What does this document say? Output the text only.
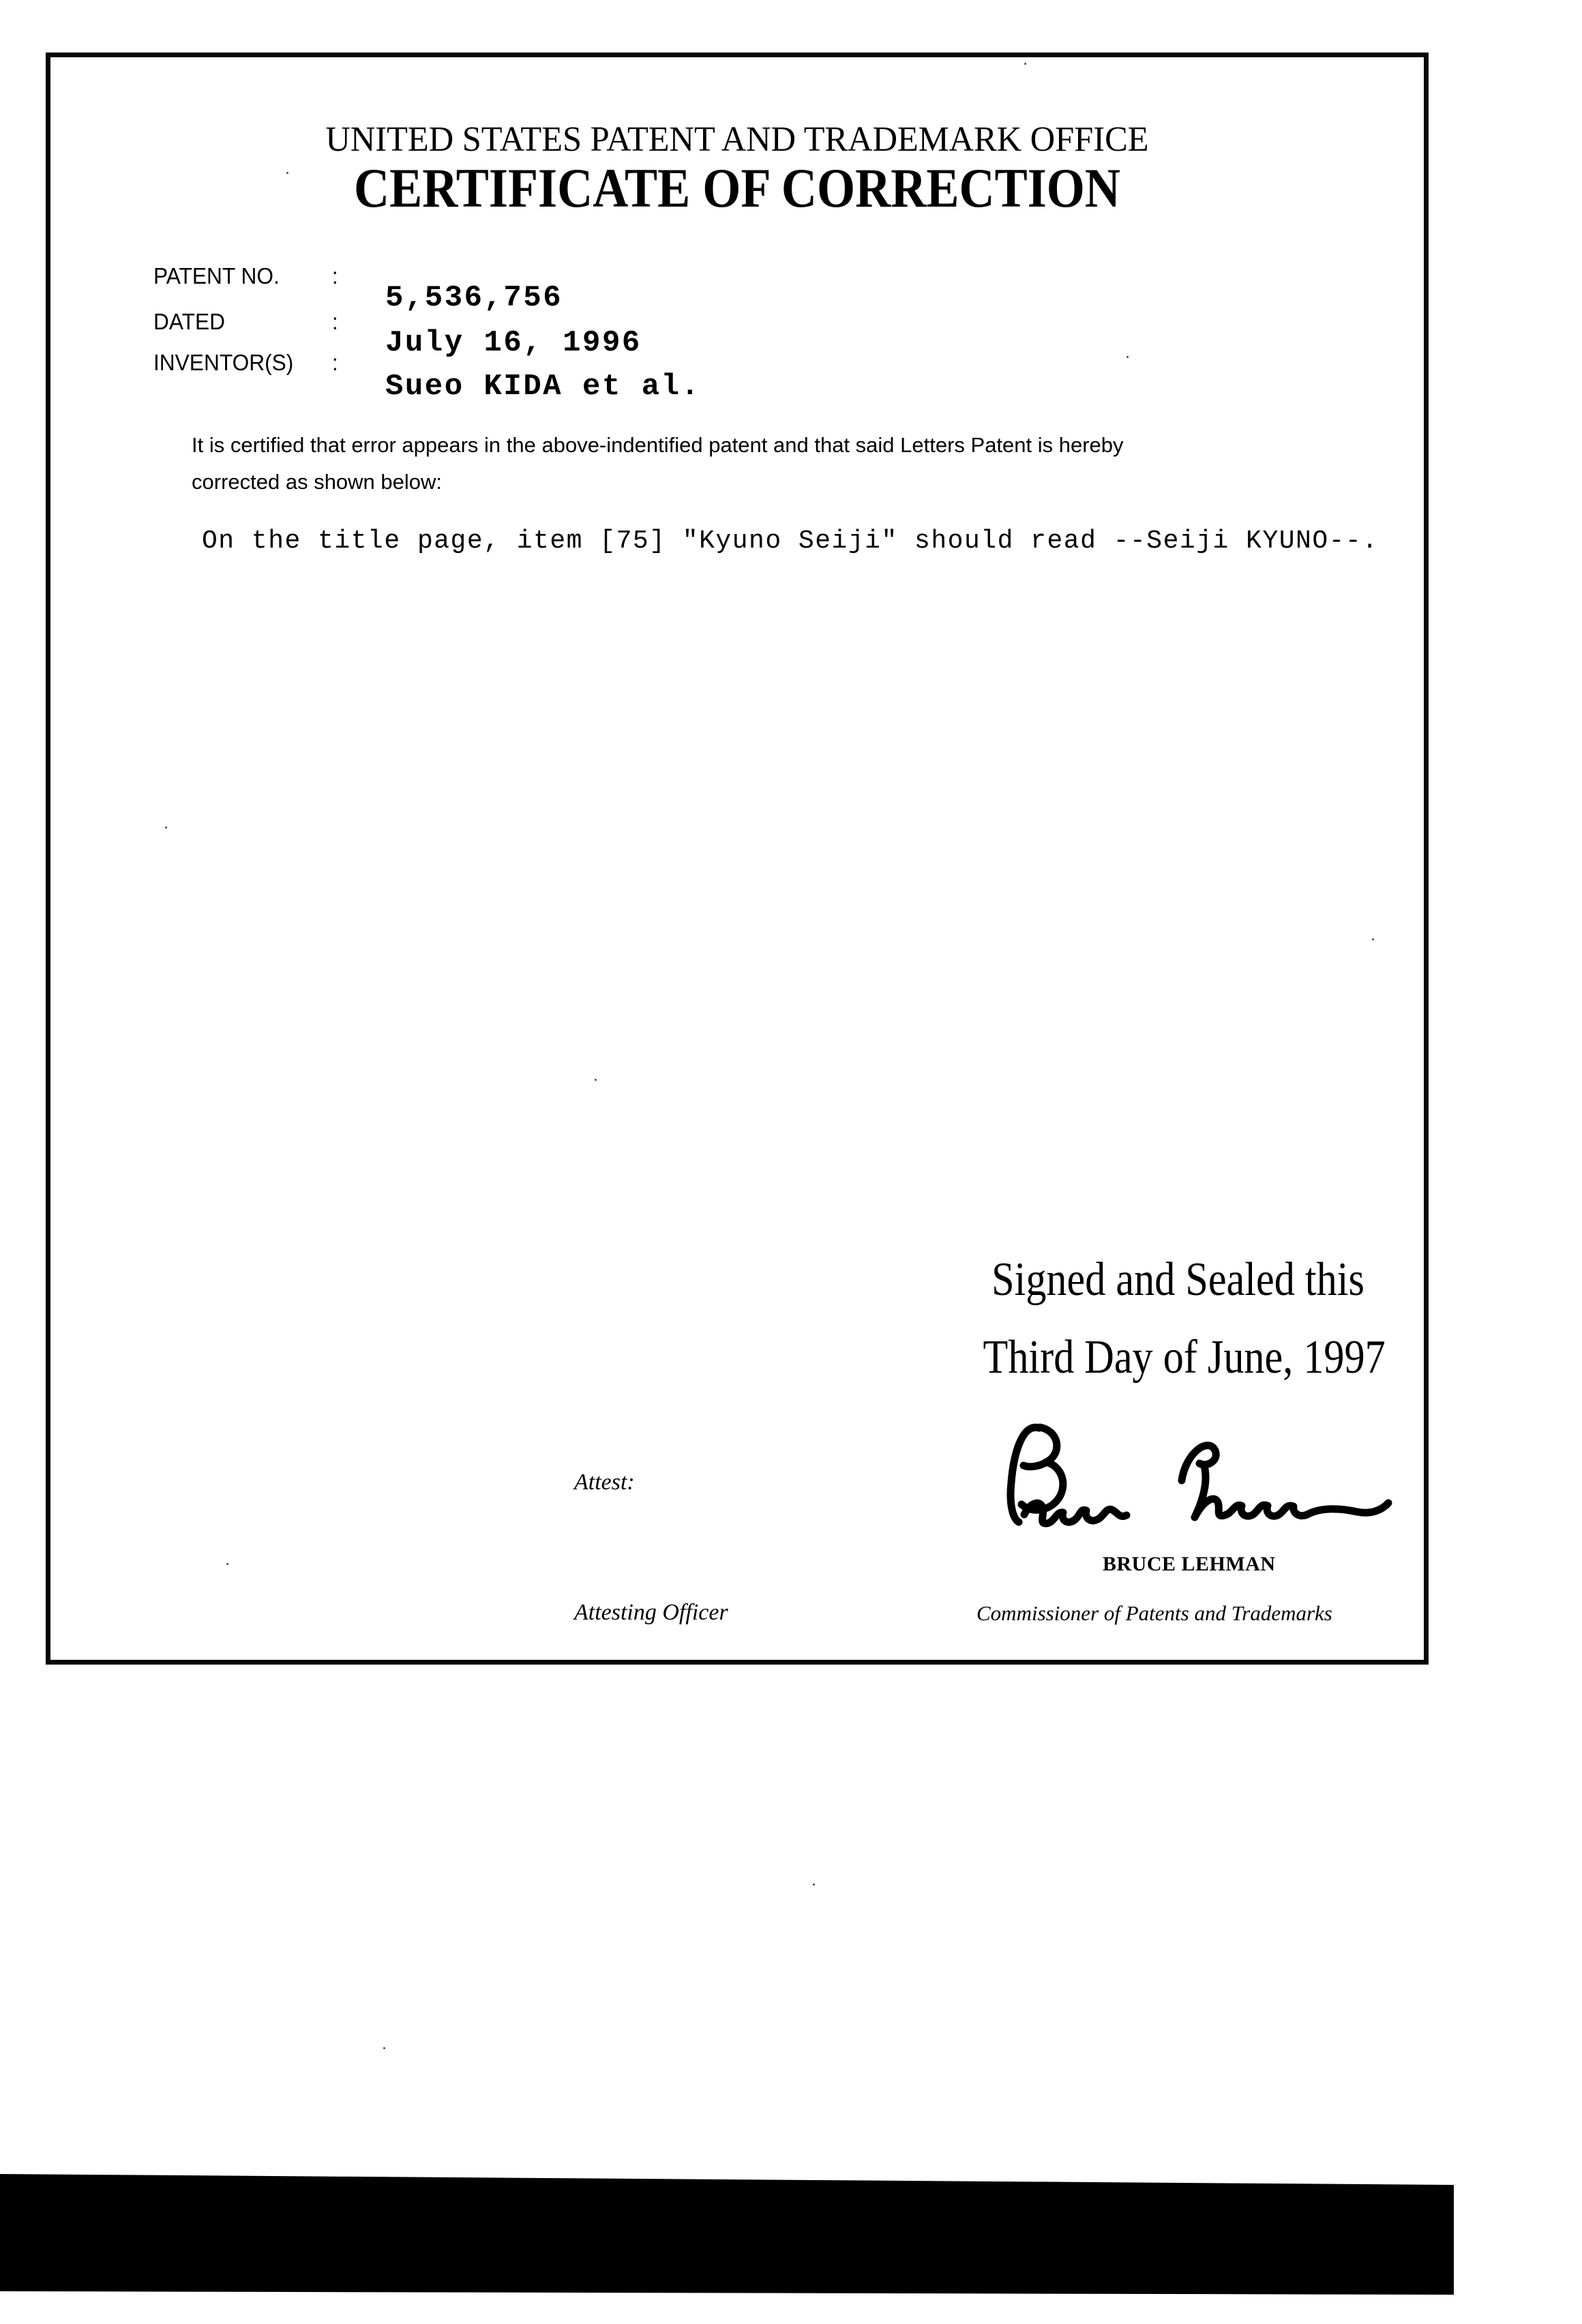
UNITED STATES PATENT AND TRADEMARK OFFICE
CERTIFICATE OF CORRECTION
PATENT NO. :
5,536,756
DATED	:
July 16, 1996
INVENTOR(S) :
Sueo KIDA et al.
It is certified that error appears in the above-indentified patent and that said Letters Patent is hereby
corrected as shown below:
On the title page, item [75] "Kyuno Seiji" should read --Seiji KYUNO--.
Signed and Sealed this
Third Day of June, 1997
Attest:
BRUCE LEHMAN
Attesting Officer	Commissioner of Patents and Trademarks
